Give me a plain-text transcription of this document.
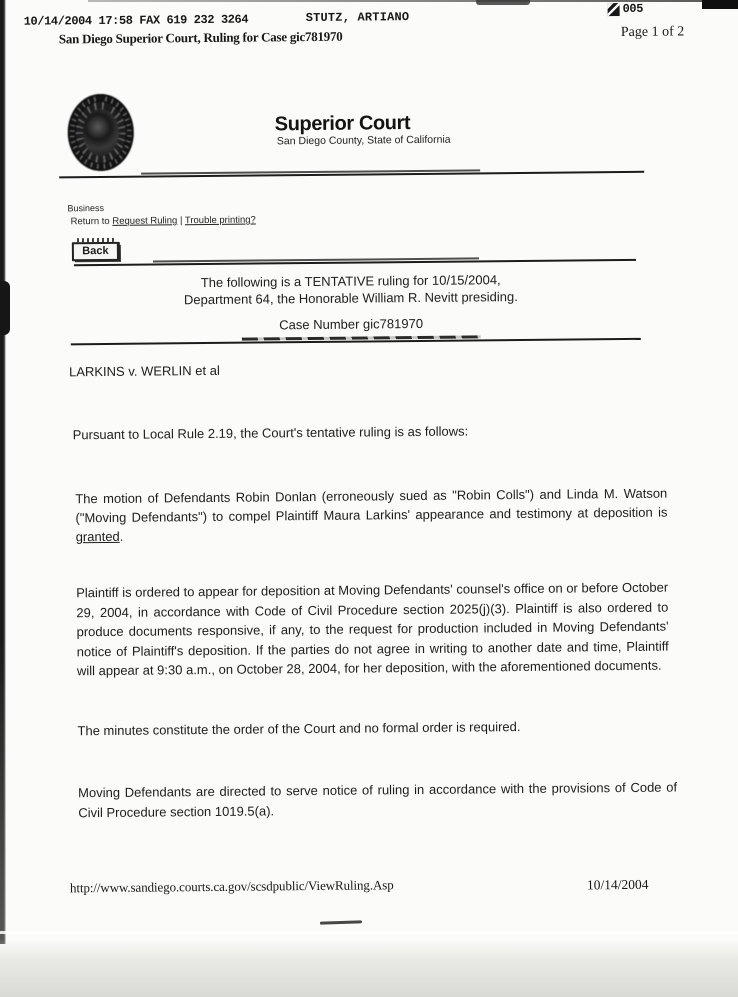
10/14/2004 17:58 FAX 619 232 3264	STUTZ, ARTIANO
005
Page 1 of 2
San Diego Superior Court, Ruling for Case gic781970
Superior Court
San Diego County, State of California
Business
Return to Request Ruling | Trouble printing?
Back
The following is a TENTATIVE ruling for 10/15/2004,
Department 64, the Honorable William R. Nevitt presiding.
Case Number gic781970
LARKINS v. WERLIN et al
Pursuant to Local Rule 2.19, the Court's tentative ruling is as follows:
The motion of Defendants Robin Donlan (erroneously sued as "Robin Colls") and Linda M. Watson ("Moving Defendants") to compel Plaintiff Maura Larkins' appearance and testimony at deposition is granted.
Plaintiff is ordered to appear for deposition at Moving Defendants' counsel's office on or before October 29, 2004, in accordance with Code of Civil Procedure section 2025(j)(3). Plaintiff is also ordered to produce documents responsive, if any, to the request for production included in Moving Defendants' notice of Plaintiff's deposition. If the parties do not agree in writing to another date and time, Plaintiff will appear at 9:30 a.m., on October 28, 2004, for her deposition, with the aforementioned documents.
The minutes constitute the order of the Court and no formal order is required.
Moving Defendants are directed to serve notice of ruling in accordance with the provisions of Code of Civil Procedure section 1019.5(a).
http://www.sandiego.courts.ca.gov/scsdpublic/ViewRuling.Asp	10/14/2004
